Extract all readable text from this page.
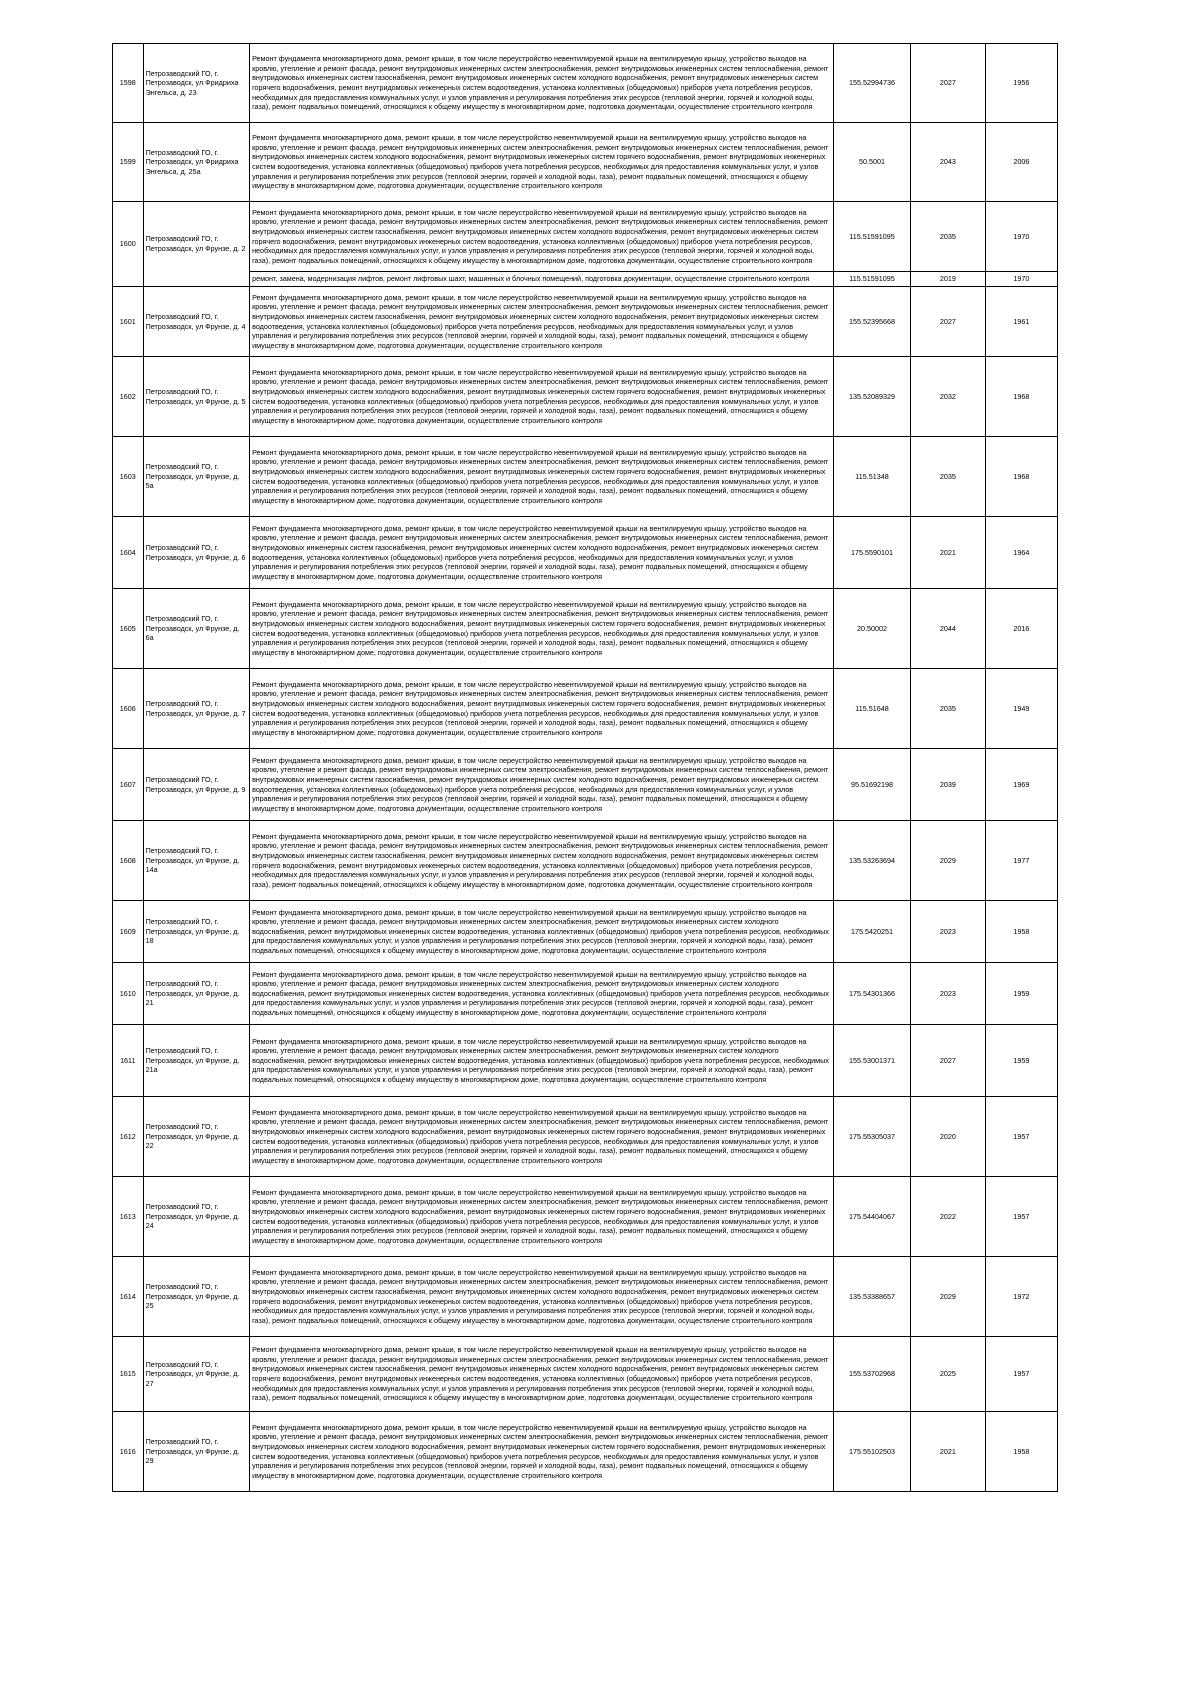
1598	Петрозаводский ГО, г. Петрозаводск, ул Фридриха Энгельса, д. 23	Ремонт фундамента многоквартирного дома, ремонт крыши, в том числе переустройство невентилируемой крыши на вентилируемую крышу, устройство выходов на кровлю, утепление и ремонт фасада, ремонт внутридомовых инженерных систем электроснабжения, ремонт внутридомовых инженерных систем теплоснабжения, ремонт внутридомовых инженерных систем газоснабжения, ремонт внутридомовых инженерных систем холодного водоснабжения, ремонт внутридомовых инженерных систем горячего водоснабжения, ремонт внутридомовых инженерных систем водоотведения, установка коллективных (общедомовых) приборов учета потребления ресурсов, необходимых для предоставления коммунальных услуг, и узлов управления и регулирования потребления этих ресурсов (тепловой энергии, горячей и холодной воды, газа), ремонт подвальных помещений, относящихся к общему имуществу в многоквартирном доме, подготовка документации, осуществление строительного контроля	155.52994736	2027	1956
1599	Петрозаводский ГО, г. Петрозаводск, ул Фридриха Энгельса, д. 25а	Ремонт фундамента многоквартирного дома, ремонт крыши, в том числе переустройство невентилируемой крыши на вентилируемую крышу, устройство выходов на кровлю, утепление и ремонт фасада, ремонт внутридомовых инженерных систем электроснабжения, ремонт внутридомовых инженерных систем теплоснабжения, ремонт внутридомовых инженерных систем холодного водоснабжения, ремонт внутридомовых инженерных систем горячего водоснабжения, ремонт внутридомовых инженерных систем водоотведения, установка коллективных (общедомовых) приборов учета потребления ресурсов, необходимых для предоставления коммунальных услуг, и узлов управления и регулирования потребления этих ресурсов (тепловой энергии, горячей и холодной воды, газа), ремонт подвальных помещений, относящихся к общему имуществу в многоквартирном доме, подготовка документации, осуществление строительного контроля	50.5001	2043	2006
1600	Петрозаводский ГО, г. Петрозаводск, ул Фрунзе, д. 2	Ремонт фундамента многоквартирного дома, ремонт крыши, в том числе переустройство невентилируемой крыши на вентилируемую крышу, устройство выходов на кровлю, утепление и ремонт фасада, ремонт внутридомовых инженерных систем электроснабжения, ремонт внутридомовых инженерных систем теплоснабжения, ремонт внутридомовых инженерных систем газоснабжения, ремонт внутридомовых инженерных систем холодного водоснабжения, ремонт внутридомовых инженерных систем горячего водоснабжения, ремонт внутридомовых инженерных систем водоотведения, установка коллективных (общедомовых) приборов учета потребления ресурсов, необходимых для предоставления коммунальных услуг, и узлов управления и регулирования потребления этих ресурсов (тепловой энергии, горячей и холодной воды, газа), ремонт подвальных помещений, относящихся к общему имуществу в многоквартирном доме, подготовка документации, осуществление строительного контроля	115.51591095	2035	1970

		ремонт, замена, модернизация лифтов, ремонт лифтовых шахт, машинных и блочных помещений, подготовка документации, осуществление строительного контроля	115.51591095	2019	1970
1601	Петрозаводский ГО, г. Петрозаводск, ул Фрунзе, д. 4	Ремонт фундамента многоквартирного дома, ремонт крыши, в том числе переустройство невентилируемой крыши на вентилируемую крышу, устройство выходов на кровлю, утепление и ремонт фасада, ремонт внутридомовых инженерных систем электроснабжения, ремонт внутридомовых инженерных систем теплоснабжения, ремонт внутридомовых инженерных систем газоснабжения, ремонт внутридомовых инженерных систем холодного водоснабжения, ремонт внутридомовых инженерных систем водоотведения, установка коллективных (общедомовых) приборов учета потребления ресурсов, необходимых для предоставления коммунальных услуг, и узлов управления и регулирования потребления этих ресурсов (тепловой энергии, горячей и холодной воды, газа), ремонт подвальных помещений, относящихся к общему имуществу в многоквартирном доме, подготовка документации, осуществление строительного контроля	155.52395668	2027	1961
1602	Петрозаводский ГО, г. Петрозаводск, ул Фрунзе, д. 5	Ремонт фундамента многоквартирного дома, ремонт крыши, в том числе переустройство невентилируемой крыши на вентилируемую крышу, устройство выходов на кровлю, утепление и ремонт фасада, ремонт внутридомовых инженерных систем электроснабжения, ремонт внутридомовых инженерных систем теплоснабжения, ремонт внутридомовых инженерных систем холодного водоснабжения, ремонт внутридомовых инженерных систем горячего водоснабжения, ремонт внутридомовых инженерных систем водоотведения, установка коллективных (общедомовых) приборов учета потребления ресурсов, необходимых для предоставления коммунальных услуг, и узлов управления и регулирования потребления этих ресурсов (тепловой энергии, горячей и холодной воды, газа), ремонт подвальных помещений, относящихся к общему имуществу в многоквартирном доме, подготовка документации, осуществление строительного контроля	135.52089329	2032	1968
1603	Петрозаводский ГО, г. Петрозаводск, ул Фрунзе, д. 5а	Ремонт фундамента многоквартирного дома, ремонт крыши, в том числе переустройство невентилируемой крыши на вентилируемую крышу, устройство выходов на кровлю, утепление и ремонт фасада, ремонт внутридомовых инженерных систем электроснабжения, ремонт внутридомовых инженерных систем теплоснабжения, ремонт внутридомовых инженерных систем холодного водоснабжения, ремонт внутридомовых инженерных систем горячего водоснабжения, ремонт внутридомовых инженерных систем водоотведения, установка коллективных (общедомовых) приборов учета потребления ресурсов, необходимых для предоставления коммунальных услуг, и узлов управления и регулирования потребления этих ресурсов (тепловой энергии, горячей и холодной воды, газа), ремонт подвальных помещений, относящихся к общему имуществу в многоквартирном доме, подготовка документации, осуществление строительного контроля	115.51348	2035	1968
1604	Петрозаводский ГО, г. Петрозаводск, ул Фрунзе, д. 6	Ремонт фундамента многоквартирного дома, ремонт крыши, в том числе переустройство невентилируемой крыши на вентилируемую крышу, устройство выходов на кровлю, утепление и ремонт фасада, ремонт внутридомовых инженерных систем электроснабжения, ремонт внутридомовых инженерных систем теплоснабжения, ремонт внутридомовых инженерных систем газоснабжения, ремонт внутридомовых инженерных систем холодного водоснабжения, ремонт внутридомовых инженерных систем водоотведения, установка коллективных (общедомовых) приборов учета потребления ресурсов, необходимых для предоставления коммунальных услуг, и узлов управления и регулирования потребления этих ресурсов (тепловой энергии, горячей и холодной воды, газа), ремонт подвальных помещений, относящихся к общему имуществу в многоквартирном доме, подготовка документации, осуществление строительного контроля	175.5590101	2021	1964
1605	Петрозаводский ГО, г. Петрозаводск, ул Фрунзе, д. 6а	Ремонт фундамента многоквартирного дома, ремонт крыши, в том числе переустройство невентилируемой крыши на вентилируемую крышу, устройство выходов на кровлю, утепление и ремонт фасада, ремонт внутридомовых инженерных систем электроснабжения, ремонт внутридомовых инженерных систем теплоснабжения, ремонт внутридомовых инженерных систем холодного водоснабжения, ремонт внутридомовых инженерных систем горячего водоснабжения, ремонт внутридомовых инженерных систем водоотведения, установка коллективных (общедомовых) приборов учета потребления ресурсов, необходимых для предоставления коммунальных услуг, и узлов управления и регулирования потребления этих ресурсов (тепловой энергии, горячей и холодной воды, газа), ремонт подвальных помещений, относящихся к общему имуществу в многоквартирном доме, подготовка документации, осуществление строительного контроля	20.50002	2044	2016
1606	Петрозаводский ГО, г. Петрозаводск, ул Фрунзе, д. 7	Ремонт фундамента многоквартирного дома, ремонт крыши, в том числе переустройство невентилируемой крыши на вентилируемую крышу, устройство выходов на кровлю, утепление и ремонт фасада, ремонт внутридомовых инженерных систем электроснабжения, ремонт внутридомовых инженерных систем теплоснабжения, ремонт внутридомовых инженерных систем холодного водоснабжения, ремонт внутридомовых инженерных систем горячего водоснабжения, ремонт внутридомовых инженерных систем водоотведения, установка коллективных (общедомовых) приборов учета потребления ресурсов, необходимых для предоставления коммунальных услуг, и узлов управления и регулирования потребления этих ресурсов (тепловой энергии, горячей и холодной воды, газа), ремонт подвальных помещений, относящихся к общему имуществу в многоквартирном доме, подготовка документации, осуществление строительного контроля	115.51648	2035	1949
1607	Петрозаводский ГО, г. Петрозаводск, ул Фрунзе, д. 9	Ремонт фундамента многоквартирного дома, ремонт крыши, в том числе переустройство невентилируемой крыши на вентилируемую крышу, устройство выходов на кровлю, утепление и ремонт фасада, ремонт внутридомовых инженерных систем электроснабжения, ремонт внутридомовых инженерных систем теплоснабжения, ремонт внутридомовых инженерных систем газоснабжения, ремонт внутридомовых инженерных систем холодного водоснабжения, ремонт внутридомовых инженерных систем водоотведения, установка коллективных (общедомовых) приборов учета потребления ресурсов, необходимых для предоставления коммунальных услуг, и узлов управления и регулирования потребления этих ресурсов (тепловой энергии, горячей и холодной воды, газа), ремонт подвальных помещений, относящихся к общему имуществу в многоквартирном доме, подготовка документации, осуществление строительного контроля	95.51692198	2039	1969
1608	Петрозаводский ГО, г. Петрозаводск, ул Фрунзе, д. 14а	Ремонт фундамента многоквартирного дома, ремонт крыши, в том числе переустройство невентилируемой крыши на вентилируемую крышу, устройство выходов на кровлю, утепление и ремонт фасада, ремонт внутридомовых инженерных систем электроснабжения, ремонт внутридомовых инженерных систем теплоснабжения, ремонт внутридомовых инженерных систем газоснабжения, ремонт внутридомовых инженерных систем холодного водоснабжения, ремонт внутридомовых инженерных систем горячего водоснабжения, ремонт внутридомовых инженерных систем водоотведения, установка коллективных (общедомовых) приборов учета потребления ресурсов, необходимых для предоставления коммунальных услуг, и узлов управления и регулирования потребления этих ресурсов (тепловой энергии, горячей и холодной воды, газа), ремонт подвальных помещений, относящихся к общему имуществу в многоквартирном доме, подготовка документации, осуществление строительного контроля	135.53263694	2029	1977
1609	Петрозаводский ГО, г. Петрозаводск, ул Фрунзе, д. 18	Ремонт фундамента многоквартирного дома, ремонт крыши, в том числе переустройство невентилируемой крыши на вентилируемую крышу, устройство выходов на кровлю, утепление и ремонт фасада, ремонт внутридомовых инженерных систем электроснабжения, ремонт внутридомовых инженерных систем холодного водоснабжения, ремонт внутридомовых инженерных систем водоотведения, установка коллективных (общедомовых) приборов учета потребления ресурсов, необходимых для предоставления коммунальных услуг, и узлов управления и регулирования потребления этих ресурсов (тепловой энергии, горячей и холодной воды, газа), ремонт подвальных помещений, относящихся к общему имуществу в многоквартирном доме, подготовка документации, осуществление строительного контроля	175.5420251	2023	1958
1610	Петрозаводский ГО, г. Петрозаводск, ул Фрунзе, д. 21	Ремонт фундамента многоквартирного дома, ремонт крыши, в том числе переустройство невентилируемой крыши на вентилируемую крышу, устройство выходов на кровлю, утепление и ремонт фасада, ремонт внутридомовых инженерных систем электроснабжения, ремонт внутридомовых инженерных систем холодного водоснабжения, ремонт внутридомовых инженерных систем водоотведения, установка коллективных (общедомовых) приборов учета потребления ресурсов, необходимых для предоставления коммунальных услуг, и узлов управления и регулирования потребления этих ресурсов (тепловой энергии, горячей и холодной воды, газа), ремонт подвальных помещений, относящихся к общему имуществу в многоквартирном доме, подготовка документации, осуществление строительного контроля	175.54301366	2023	1959
1611	Петрозаводский ГО, г. Петрозаводск, ул Фрунзе, д. 21а	Ремонт фундамента многоквартирного дома, ремонт крыши, в том числе переустройство невентилируемой крыши на вентилируемую крышу, устройство выходов на кровлю, утепление и ремонт фасада, ремонт внутридомовых инженерных систем электроснабжения, ремонт внутридомовых инженерных систем холодного водоснабжения, ремонт внутридомовых инженерных систем водоотведения, установка коллективных (общедомовых) приборов учета потребления ресурсов, необходимых для предоставления коммунальных услуг, и узлов управления и регулирования потребления этих ресурсов (тепловой энергии, горячей и холодной воды, газа), ремонт подвальных помещений, относящихся к общему имуществу в многоквартирном доме, подготовка документации, осуществление строительного контроля	155.53001371	2027	1959
1612	Петрозаводский ГО, г. Петрозаводск, ул Фрунзе, д. 22	Ремонт фундамента многоквартирного дома, ремонт крыши, в том числе переустройство невентилируемой крыши на вентилируемую крышу, устройство выходов на кровлю, утепление и ремонт фасада, ремонт внутридомовых инженерных систем электроснабжения, ремонт внутридомовых инженерных систем теплоснабжения, ремонт внутридомовых инженерных систем холодного водоснабжения, ремонт внутридомовых инженерных систем горячего водоснабжения, ремонт внутридомовых инженерных систем водоотведения, установка коллективных (общедомовых) приборов учета потребления ресурсов, необходимых для предоставления коммунальных услуг, и узлов управления и регулирования потребления этих ресурсов (тепловой энергии, горячей и холодной воды, газа), ремонт подвальных помещений, относящихся к общему имуществу в многоквартирном доме, подготовка документации, осуществление строительного контроля	175.55305037	2020	1957
1613	Петрозаводский ГО, г. Петрозаводск, ул Фрунзе, д. 24	Ремонт фундамента многоквартирного дома, ремонт крыши, в том числе переустройство невентилируемой крыши на вентилируемую крышу, устройство выходов на кровлю, утепление и ремонт фасада, ремонт внутридомовых инженерных систем электроснабжения, ремонт внутридомовых инженерных систем теплоснабжения, ремонт внутридомовых инженерных систем холодного водоснабжения, ремонт внутридомовых инженерных систем горячего водоснабжения, ремонт внутридомовых инженерных систем водоотведения, установка коллективных (общедомовых) приборов учета потребления ресурсов, необходимых для предоставления коммунальных услуг, и узлов управления и регулирования потребления этих ресурсов (тепловой энергии, горячей и холодной воды, газа), ремонт подвальных помещений, относящихся к общему имуществу в многоквартирном доме, подготовка документации, осуществление строительного контроля	175.54404067	2022	1957
1614	Петрозаводский ГО, г. Петрозаводск, ул Фрунзе, д. 25	Ремонт фундамента многоквартирного дома, ремонт крыши, в том числе переустройство невентилируемой крыши на вентилируемую крышу, устройство выходов на кровлю, утепление и ремонт фасада, ремонт внутридомовых инженерных систем электроснабжения, ремонт внутридомовых инженерных систем теплоснабжения, ремонт внутридомовых инженерных систем газоснабжения, ремонт внутридомовых инженерных систем холодного водоснабжения, ремонт внутридомовых инженерных систем горячего водоснабжения, ремонт внутридомовых инженерных систем водоотведения, установка коллективных (общедомовых) приборов учета потребления ресурсов, необходимых для предоставления коммунальных услуг, и узлов управления и регулирования потребления этих ресурсов (тепловой энергии, горячей и холодной воды, газа), ремонт подвальных помещений, относящихся к общему имуществу в многоквартирном доме, подготовка документации, осуществление строительного контроля	135.53388657	2029	1972
1615	Петрозаводский ГО, г. Петрозаводск, ул Фрунзе, д. 27	Ремонт фундамента многоквартирного дома, ремонт крыши, в том числе переустройство невентилируемой крыши на вентилируемую крышу, устройство выходов на кровлю, утепление и ремонт фасада, ремонт внутридомовых инженерных систем электроснабжения, ремонт внутридомовых инженерных систем теплоснабжения, ремонт внутридомовых инженерных систем газоснабжения, ремонт внутридомовых инженерных систем холодного водоснабжения, ремонт внутридомовых инженерных систем горячего водоснабжения, ремонт внутридомовых инженерных систем водоотведения, установка коллективных (общедомовых) приборов учета потребления ресурсов, необходимых для предоставления коммунальных услуг, и узлов управления и регулирования потребления этих ресурсов (тепловой энергии, горячей и холодной воды, газа), ремонт подвальных помещений, относящихся к общему имуществу в многоквартирном доме, подготовка документации, осуществление строительного контроля	155.53702968	2025	1957
1616	Петрозаводский ГО, г. Петрозаводск, ул Фрунзе, д. 29	Ремонт фундамента многоквартирного дома, ремонт крыши, в том числе переустройство невентилируемой крыши на вентилируемую крышу, устройство выходов на кровлю, утепление и ремонт фасада, ремонт внутридомовых инженерных систем электроснабжения, ремонт внутридомовых инженерных систем теплоснабжения, ремонт внутридомовых инженерных систем холодного водоснабжения, ремонт внутридомовых инженерных систем горячего водоснабжения, ремонт внутридомовых инженерных систем водоотведения, установка коллективных (общедомовых) приборов учета потребления ресурсов, необходимых для предоставления коммунальных услуг, и узлов управления и регулирования потребления этих ресурсов (тепловой энергии, горячей и холодной воды, газа), ремонт подвальных помещений, относящихся к общему имуществу в многоквартирном доме, подготовка документации, осуществление строительного контроля	175.55102503	2021	1958
